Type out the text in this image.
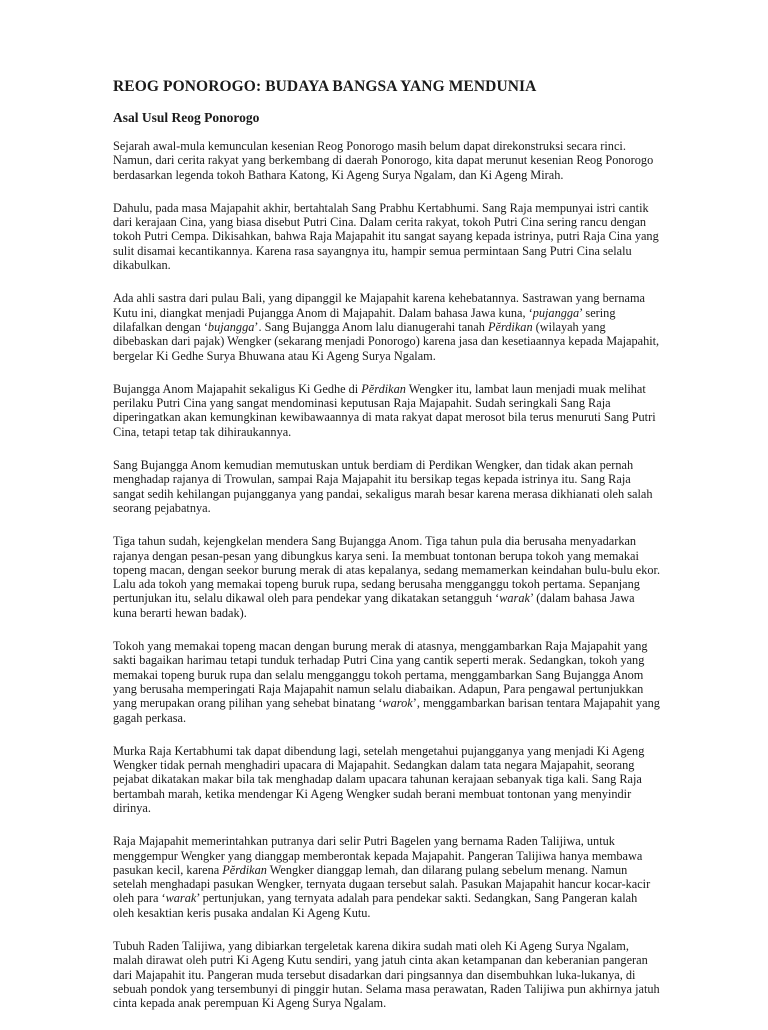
REOG PONOROGO: BUDAYA BANGSA YANG MENDUNIA
Asal Usul Reog Ponorogo

Sejarah awal-mula kemunculan kesenian Reog Ponorogo masih belum dapat direkonstruksi secara rinci. Namun, dari cerita rakyat yang berkembang di daerah Ponorogo, kita dapat merunut kesenian Reog Ponorogo berdasarkan legenda tokoh Bathara Katong, Ki Ageng Surya Ngalam, dan Ki Ageng Mirah.

Dahulu, pada masa Majapahit akhir, bertahtalah Sang Prabhu Kertabhumi. Sang Raja mempunyai istri cantik dari kerajaan Cina, yang biasa disebut Putri Cina. Dalam cerita rakyat, tokoh Putri Cina sering rancu dengan tokoh Putri Cempa. Dikisahkan, bahwa Raja Majapahit itu sangat sayang kepada istrinya, putri Raja Cina yang sulit disamai kecantikannya. Karena rasa sayangnya itu, hampir semua permintaan Sang Putri Cina selalu dikabulkan.

Ada ahli sastra dari pulau Bali, yang dipanggil ke Majapahit karena kehebatannya. Sastrawan yang bernama Kutu ini, diangkat menjadi Pujangga Anom di Majapahit. Dalam bahasa Jawa kuna, ‘pujangga’ sering dilafalkan dengan ‘bujangga’. Sang Bujangga Anom lalu dianugerahi tanah Pĕrdikan (wilayah yang dibebaskan dari pajak) Wengker (sekarang menjadi Ponorogo) karena jasa dan kesetiaannya kepada Majapahit, bergelar Ki Gedhe Surya Bhuwana atau Ki Ageng Surya Ngalam.

Bujangga Anom Majapahit sekaligus Ki Gedhe di Pĕrdikan Wengker itu, lambat laun menjadi muak melihat perilaku Putri Cina yang sangat mendominasi keputusan Raja Majapahit. Sudah seringkali Sang Raja diperingatkan akan kemungkinan kewibawaannya di mata rakyat dapat merosot bila terus menuruti Sang Putri Cina, tetapi tetap tak dihiraukannya.

Sang Bujangga Anom kemudian memutuskan untuk berdiam di Perdikan Wengker, dan tidak akan pernah menghadap rajanya di Trowulan, sampai Raja Majapahit itu bersikap tegas kepada istrinya itu. Sang Raja sangat sedih kehilangan pujangganya yang pandai, sekaligus marah besar karena merasa dikhianati oleh salah seorang pejabatnya.

Tiga tahun sudah, kejengkelan mendera Sang Bujangga Anom. Tiga tahun pula dia berusaha menyadarkan rajanya dengan pesan-pesan yang dibungkus karya seni. Ia membuat tontonan berupa tokoh yang memakai topeng macan, dengan seekor burung merak di atas kepalanya, sedang memamerkan keindahan bulu-bulu ekor. Lalu ada tokoh yang memakai topeng buruk rupa, sedang berusaha mengganggu tokoh pertama. Sepanjang pertunjukan itu, selalu dikawal oleh para pendekar yang dikatakan setangguh ‘warak’ (dalam bahasa Jawa kuna berarti hewan badak).

Tokoh yang memakai topeng macan dengan burung merak di atasnya, menggambarkan Raja Majapahit yang sakti bagaikan harimau tetapi tunduk terhadap Putri Cina yang cantik seperti merak. Sedangkan, tokoh yang memakai topeng buruk rupa dan selalu mengganggu tokoh pertama, menggambarkan Sang Bujangga Anom yang berusaha memperingati Raja Majapahit namun selalu diabaikan. Adapun, Para pengawal pertunjukkan yang merupakan orang pilihan yang sehebat binatang ‘warok’, menggambarkan barisan tentara Majapahit yang gagah perkasa.

Murka Raja Kertabhumi tak dapat dibendung lagi, setelah mengetahui pujangganya yang menjadi Ki Ageng Wengker tidak pernah menghadiri upacara di Majapahit. Sedangkan dalam tata negara Majapahit, seorang pejabat dikatakan makar bila tak menghadap dalam upacara tahunan kerajaan sebanyak tiga kali. Sang Raja bertambah marah, ketika mendengar Ki Ageng Wengker sudah berani membuat tontonan yang menyindir dirinya.

Raja Majapahit memerintahkan putranya dari selir Putri Bagelen yang bernama Raden Talijiwa, untuk menggempur Wengker yang dianggap memberontak kepada Majapahit. Pangeran Talijiwa hanya membawa pasukan kecil, karena Pĕrdikan Wengker dianggap lemah, dan dilarang pulang sebelum menang. Namun setelah menghadapi pasukan Wengker, ternyata dugaan tersebut salah. Pasukan Majapahit hancur kocar-kacir oleh para ‘warak’ pertunjukan, yang ternyata adalah para pendekar sakti. Sedangkan, Sang Pangeran kalah oleh kesaktian keris pusaka andalan Ki Ageng Kutu.

Tubuh Raden Talijiwa, yang dibiarkan tergeletak karena dikira sudah mati oleh Ki Ageng Surya Ngalam, malah dirawat oleh putri Ki Ageng Kutu sendiri, yang jatuh cinta akan ketampanan dan keberanian pangeran dari Majapahit itu. Pangeran muda tersebut disadarkan dari pingsannya dan disembuhkan luka-lukanya, di sebuah pondok yang tersembunyi di pinggir hutan. Selama masa perawatan, Raden Talijiwa pun akhirnya jatuh cinta kepada anak perempuan Ki Ageng Surya Ngalam.
